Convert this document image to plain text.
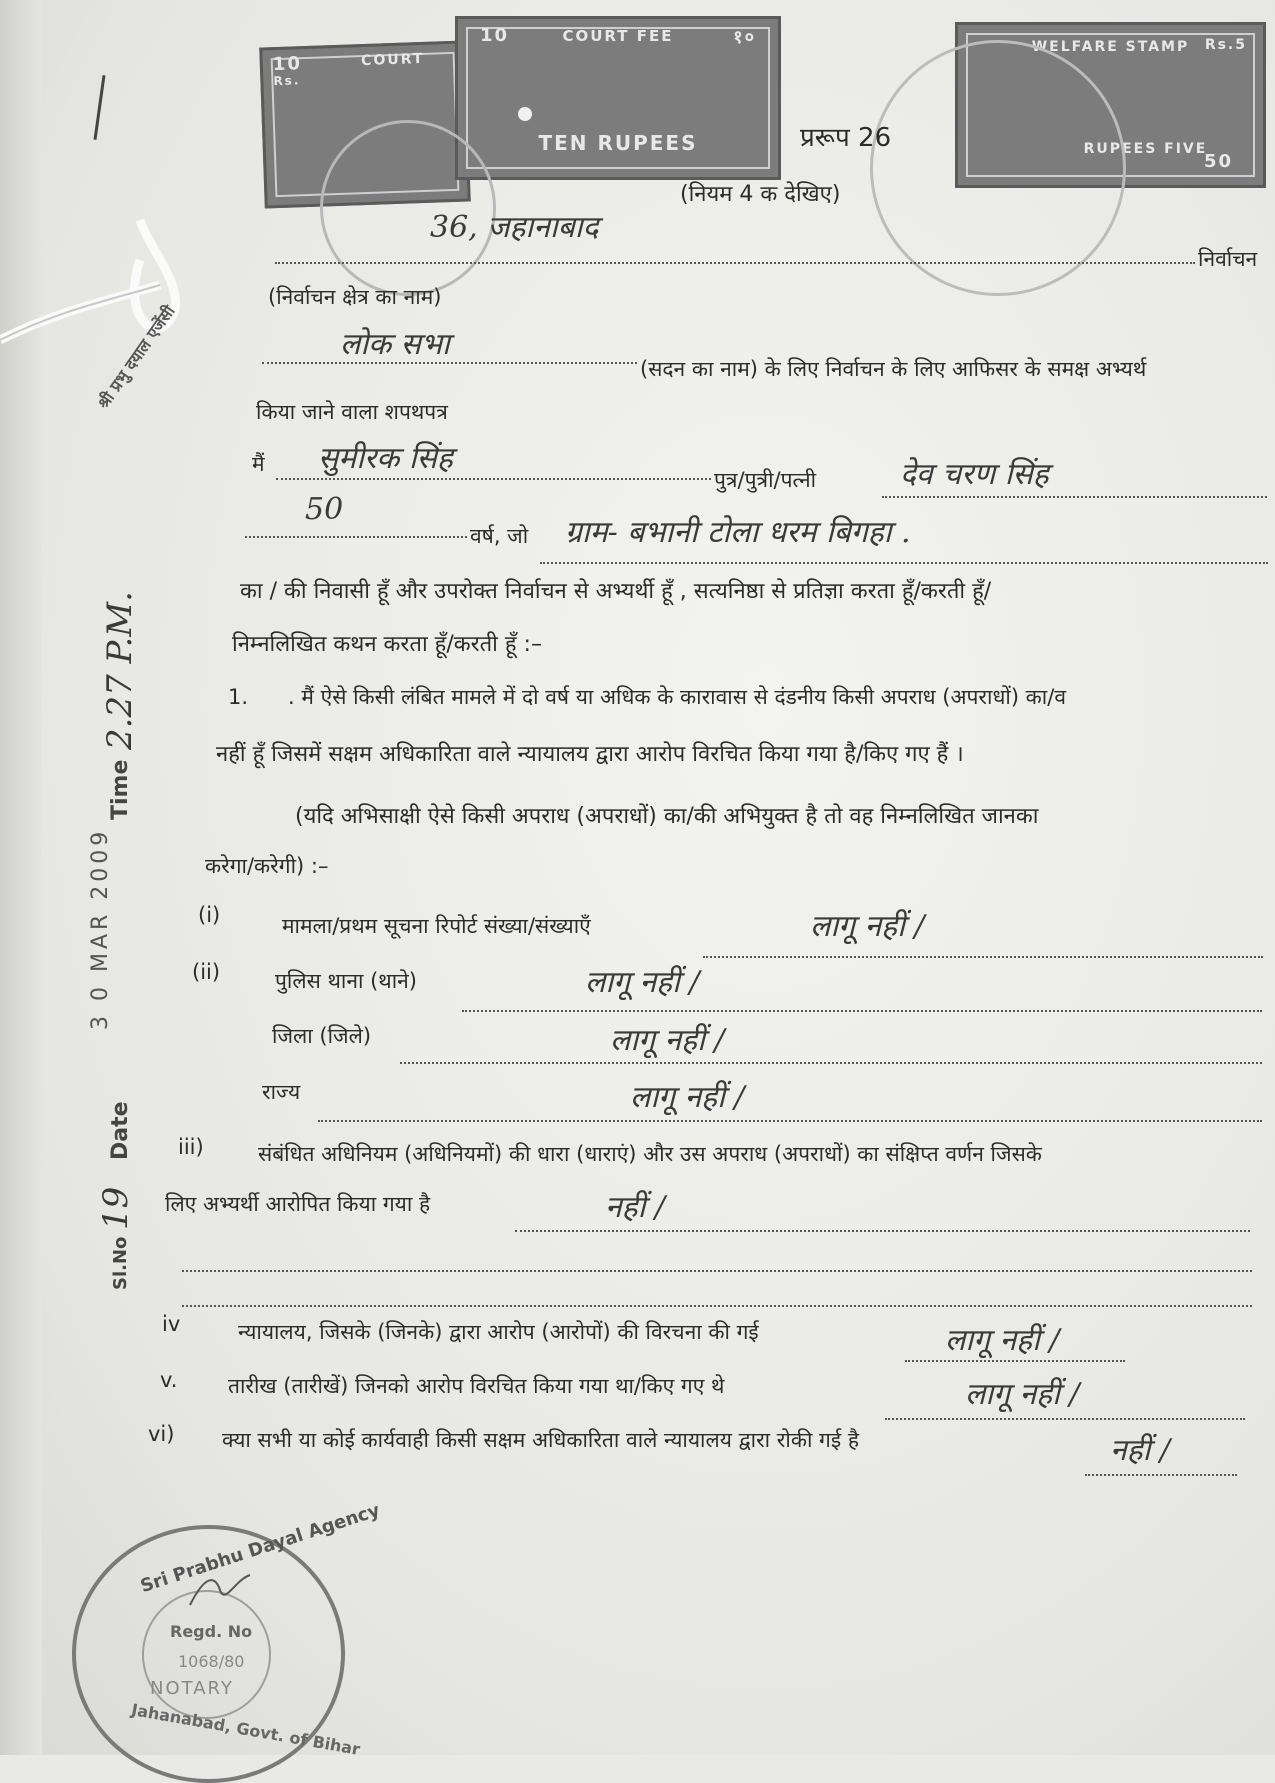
10
Rs.
COURT
10	COURT FEE	१०
TEN RUPEES
WELFARE STAMP	Rs.5
RUPEES FIVE
50
प्ररूप 26
(नियम 4 क देखिए)
36, जहानाबाद
निर्वाचन
(निर्वाचन क्षेत्र का नाम)
लोक सभा
(सदन का नाम) के लिए निर्वाचन के लिए आफिसर के समक्ष अभ्यर्थ
किया जाने वाला शपथपत्र
मैं सुमीरक सिंह
पुत्र/पुत्री/पत्नी	देव चरण सिंह
50
वर्ष, जो ग्राम- बभानी टोला धरम बिगहा .
का / की निवासी हूँ और उपरोक्त निर्वाचन से अभ्यर्थी हूँ , सत्यनिष्ठा से प्रतिज्ञा करता हूँ/करती हूँ/
निम्नलिखित कथन करता हूँ/करती हूँ :–
1. . मैं ऐसे किसी लंबित मामले में दो वर्ष या अधिक के कारावास से दंडनीय किसी अपराध (अपराधों) का/व
नहीं हूँ जिसमें सक्षम अधिकारिता वाले न्यायालय द्वारा आरोप विरचित किया गया है/किए गए हैं ।
(यदि अभिसाक्षी ऐसे किसी अपराध (अपराधों) का/की अभियुक्त है तो वह निम्नलिखित जानका
करेगा/करेगी) :–
(i)	मामला/प्रथम सूचना रिपोर्ट संख्या/संख्याएँ	लागू नहीं /
(ii)	पुलिस थाना (थाने)	लागू नहीं /
जिला (जिले)	लागू नहीं /
राज्य	लागू नहीं /
iii)	संबंधित अधिनियम (अधिनियमों) की धारा (धाराएं) और उस अपराध (अपराधों) का संक्षिप्त वर्णन जिसके
लिए अभ्यर्थी आरोपित किया गया है	नहीं /
iv	न्यायालय, जिसके (जिनके) द्वारा आरोप (आरोपों) की विरचना की गई	लागू नहीं /
v. तारीख (तारीखें) जिनको आरोप विरचित किया गया था/किए गए थे	लागू नहीं /
vi) क्या सभी या कोई कार्यवाही किसी सक्षम अधिकारिता वाले न्यायालय द्वारा रोकी गई है	नहीं /
3 0 MAR 2009
Time
2.27 P.M.
Date
Sl.No
19
श्री प्रभु दयाल एजेंसी
Sri Prabhu Dayal Agency
Regd. No
1068/80
NOTARY
Jahanabad, Govt. of Bihar
